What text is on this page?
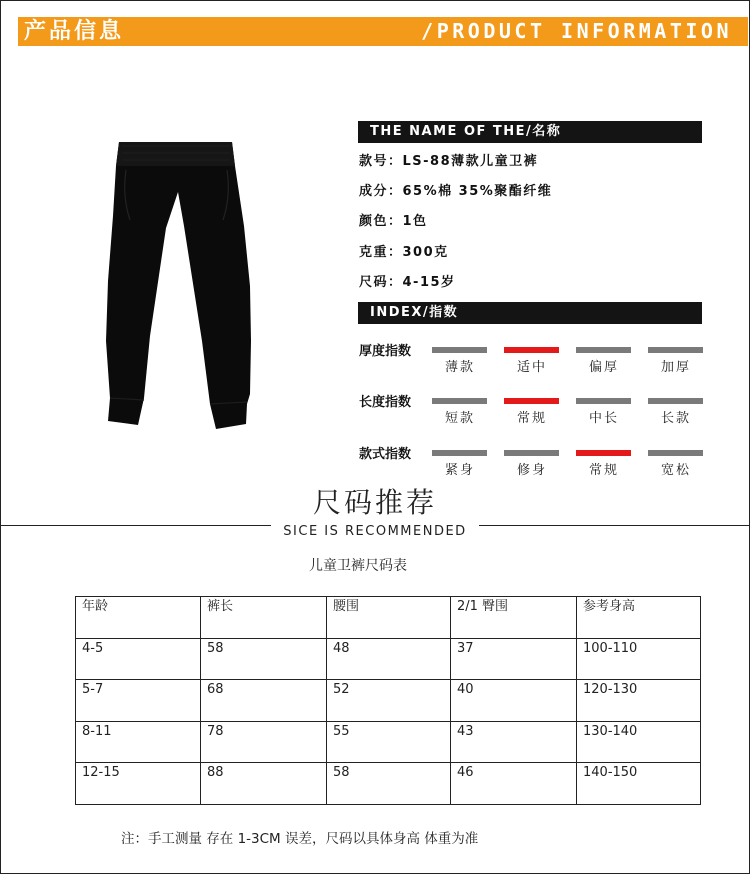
产品信息	/PRODUCT INFORMATION
THE NAME OF THE/名称
款号：LS-88薄款儿童卫裤
成分：65%棉 35%聚酯纤维
颜色：1色
克重：300克
尺码：4-15岁
INDEX/指数
厚度指数
薄款	适中	偏厚	加厚
长度指数
短款	常规	中长	长款
款式指数
紧身	修身	常规	宽松
尺码推荐
SICE IS RECOMMENDED
儿童卫裤尺码表
年龄	裤长	腰围	2/1 臀围	参考身高
4-5	58	48	37	100-110
5-7	68	52	40	120-130
8-11	78	55	43	130-140
12-15	88	58	46	140-150
注：手工测量 存在 1-3CM 误差，尺码以具体身高 体重为准
